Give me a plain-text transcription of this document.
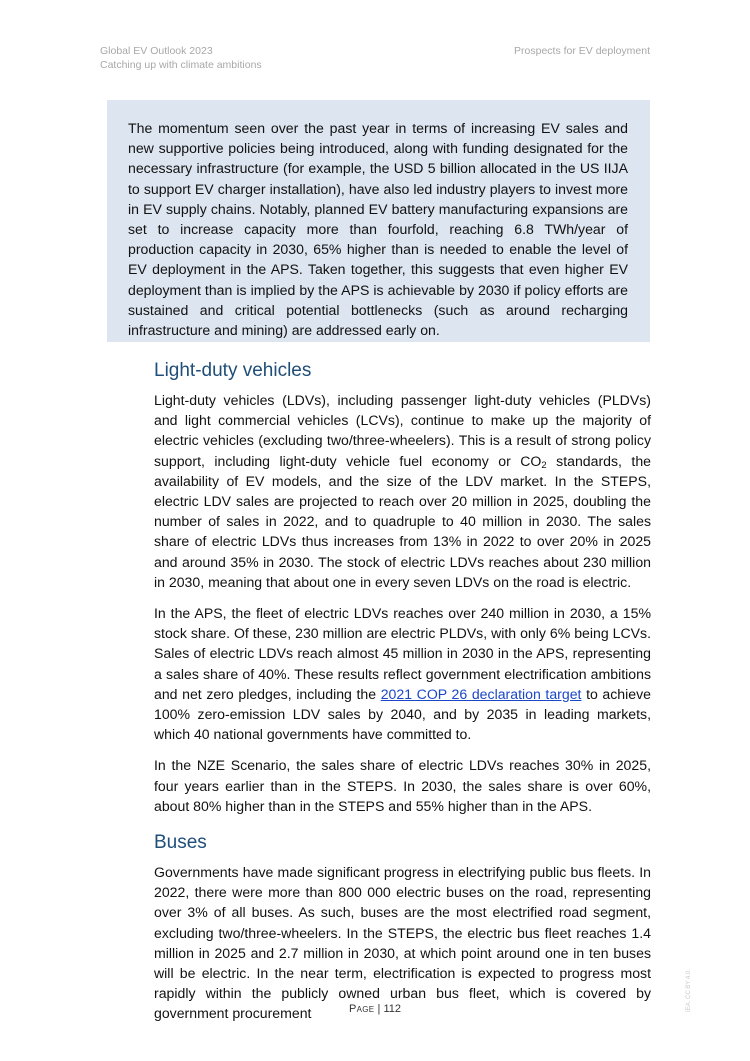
Global EV Outlook 2023
Catching up with climate ambitions
Prospects for EV deployment

The momentum seen over the past year in terms of increasing EV sales and new supportive policies being introduced, along with funding designated for the necessary infrastructure (for example, the USD 5 billion allocated in the US IIJA to support EV charger installation), have also led industry players to invest more in EV supply chains. Notably, planned EV battery manufacturing expansions are set to increase capacity more than fourfold, reaching 6.8 TWh/year of production capacity in 2030, 65% higher than is needed to enable the level of EV deployment in the APS. Taken together, this suggests that even higher EV deployment than is implied by the APS is achievable by 2030 if policy efforts are sustained and critical potential bottlenecks (such as around recharging infrastructure and mining) are addressed early on.

Light-duty vehicles

Light-duty vehicles (LDVs), including passenger light-duty vehicles (PLDVs) and light commercial vehicles (LCVs), continue to make up the majority of electric vehicles (excluding two/three-wheelers). This is a result of strong policy support, including light-duty vehicle fuel economy or $CO_2$ standards, the availability of EV models, and the size of the LDV market. In the STEPS, electric LDV sales are projected to reach over 20 million in 2025, doubling the number of sales in 2022, and to quadruple to 40 million in 2030. The sales share of electric LDVs thus increases from 13% in 2022 to over 20% in 2025 and around 35% in 2030. The stock of electric LDVs reaches about 230 million in 2030, meaning that about one in every seven LDVs on the road is electric.

In the APS, the fleet of electric LDVs reaches over 240 million in 2030, a 15% stock share. Of these, 230 million are electric PLDVs, with only 6% being LCVs. Sales of electric LDVs reach almost 45 million in 2030 in the APS, representing a sales share of 40%. These results reflect government electrification ambitions and net zero pledges, including the 2021 COP 26 declaration target to achieve 100% zero-emission LDV sales by 2040, and by 2035 in leading markets, which 40 national governments have committed to.

In the NZE Scenario, the sales share of electric LDVs reaches 30% in 2025, four years earlier than in the STEPS. In 2030, the sales share is over 60%, about 80% higher than in the STEPS and 55% higher than in the APS.

Buses

Governments have made significant progress in electrifying public bus fleets. In 2022, there were more than 800 000 electric buses on the road, representing over 3% of all buses. As such, buses are the most electrified road segment, excluding two/three-wheelers. In the STEPS, the electric bus fleet reaches 1.4 million in 2025 and 2.7 million in 2030, at which point around one in ten buses will be electric. In the near term, electrification is expected to progress most rapidly within the publicly owned urban bus fleet, which is covered by government procurement	Page | 112	IEA. CC BY 4.0.
